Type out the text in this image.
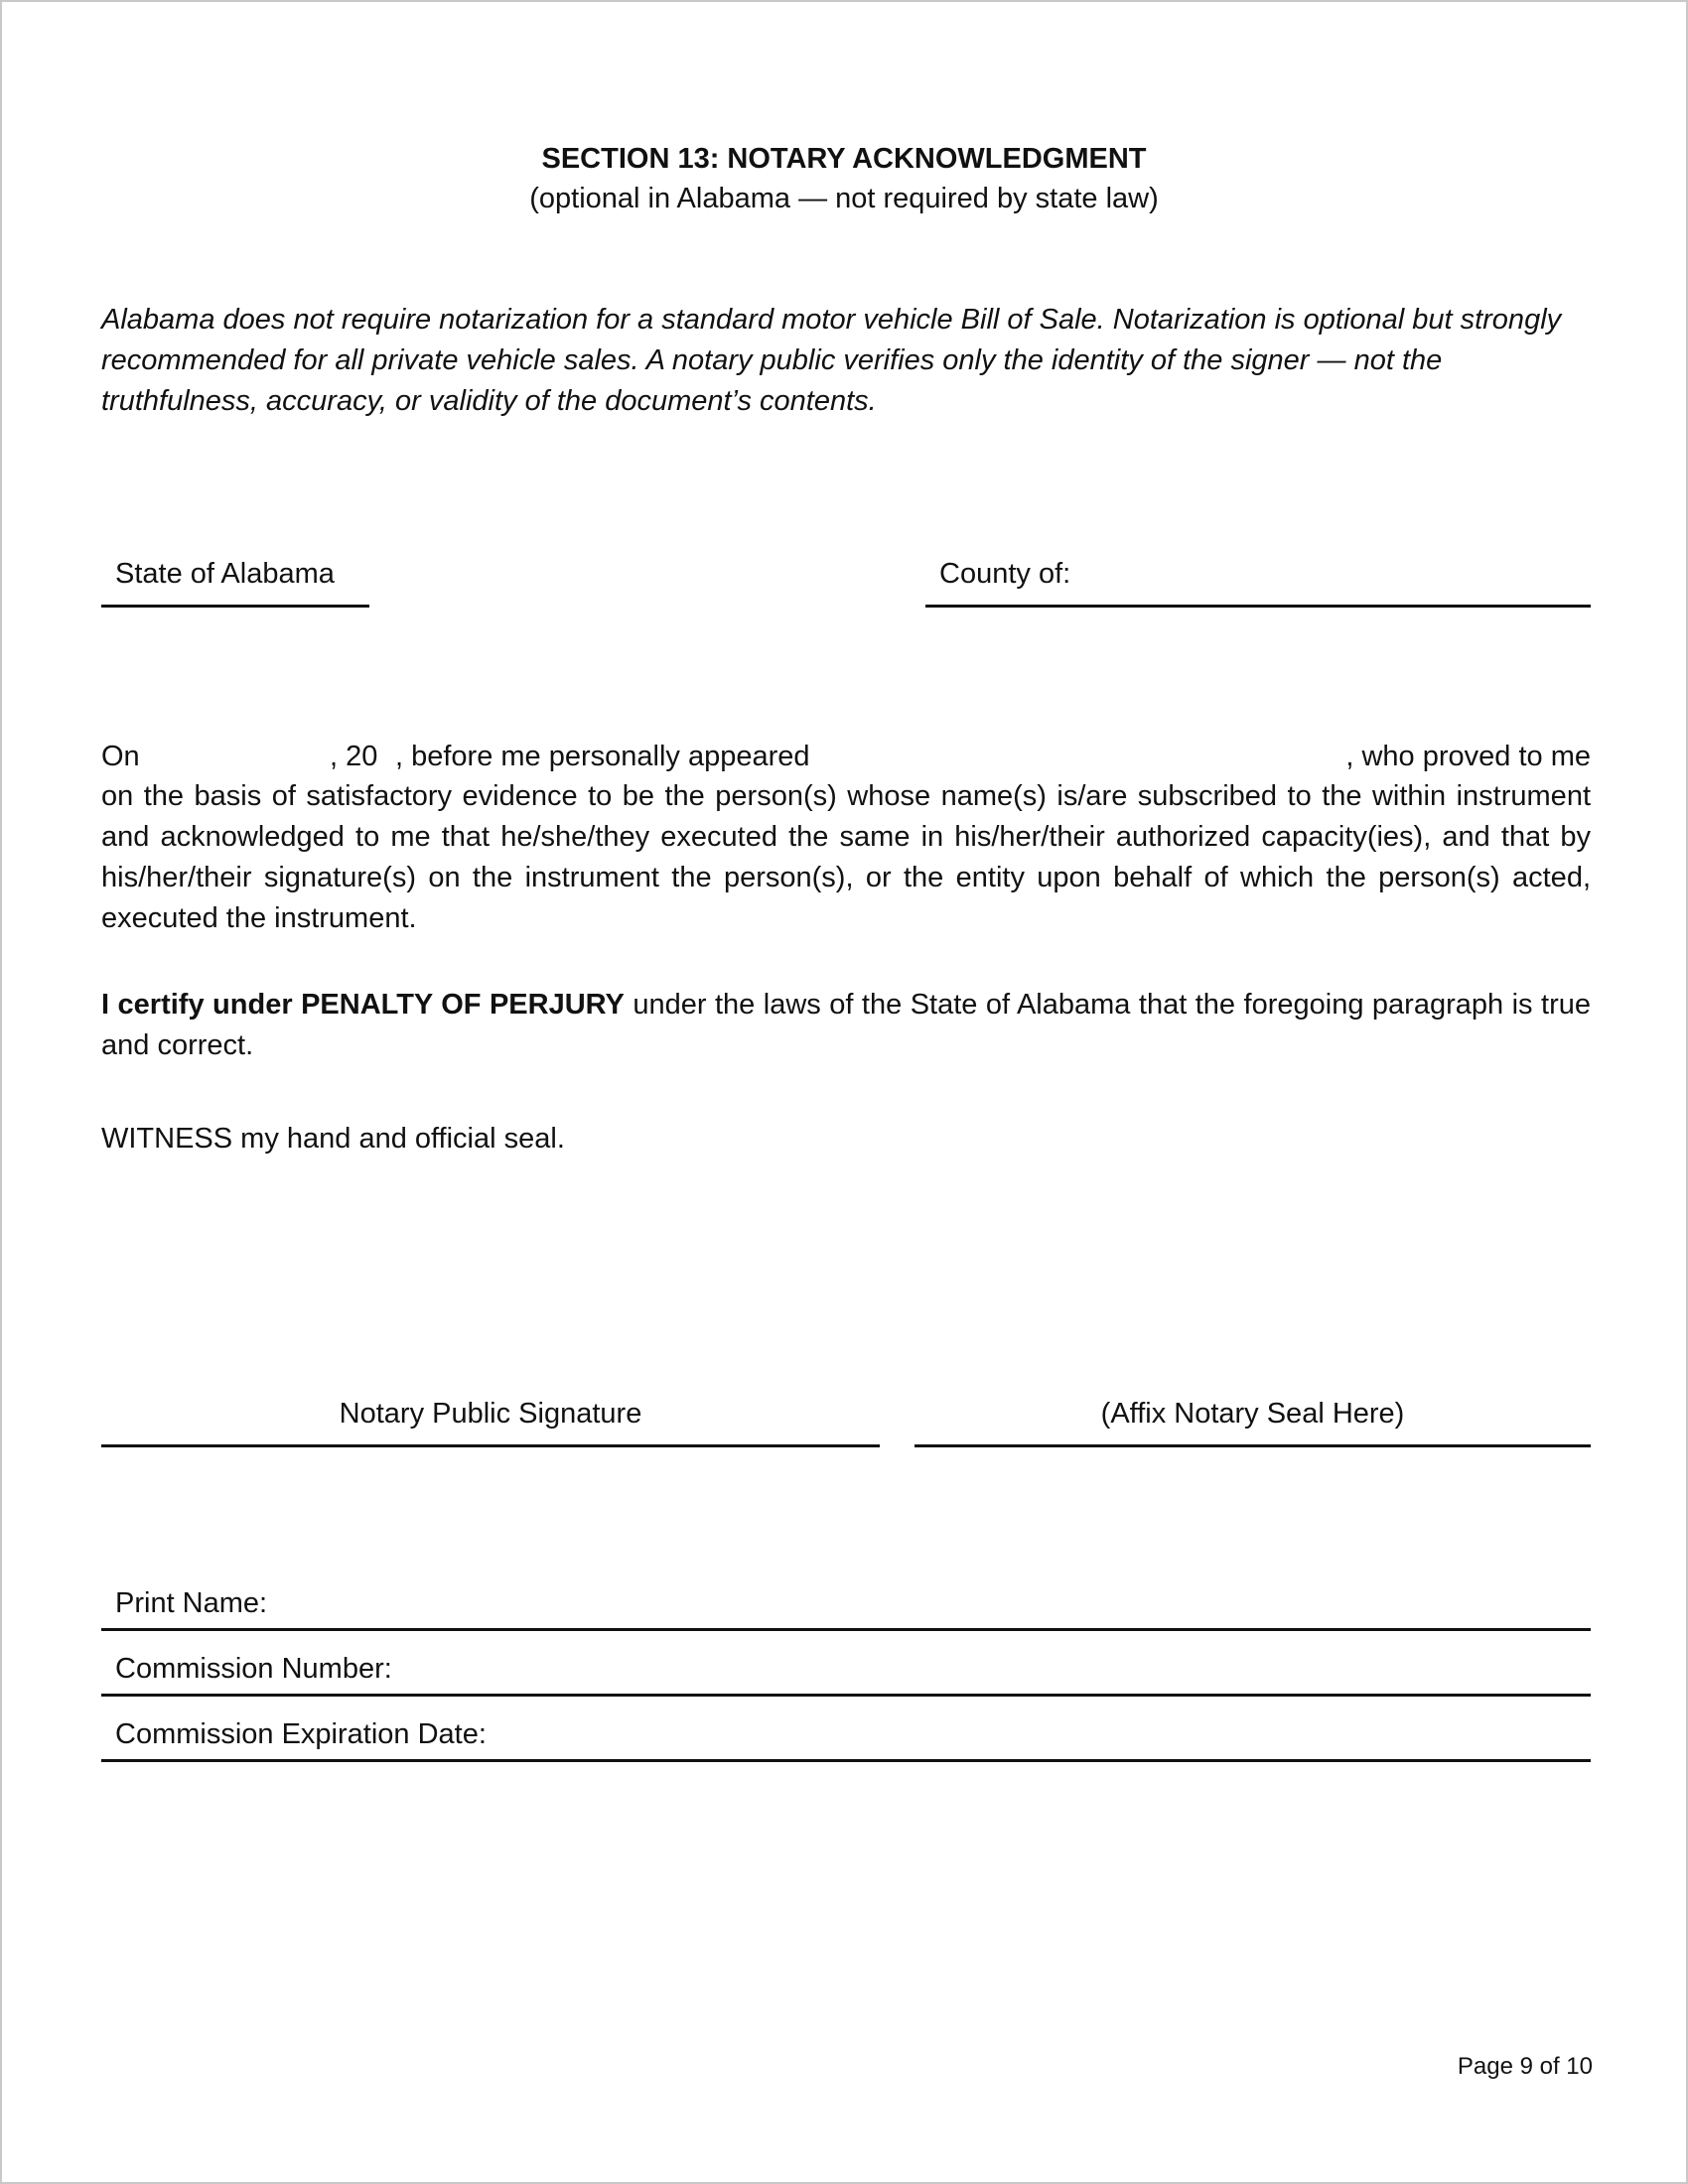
SECTION 13: NOTARY ACKNOWLEDGMENT
(optional in Alabama — not required by state law)
Alabama does not require notarization for a standard motor vehicle Bill of Sale. Notarization is optional but strongly recommended for all private vehicle sales. A notary public verifies only the identity of the signer — not the truthfulness, accuracy, or validity of the document’s contents.
State of Alabama	County of:
On	, 20 , before me personally appeared	, who proved to me
on the basis of satisfactory evidence to be the person(s) whose name(s) is/are subscribed to the within instrument and acknowledged to me that he/she/they executed the same in his/her/their authorized capacity(ies), and that by his/her/their signature(s) on the instrument the person(s), or the entity upon behalf of which the person(s) acted, executed the instrument.
I certify under PENALTY OF PERJURY under the laws of the State of Alabama that the foregoing paragraph is true and correct.
WITNESS my hand and official seal.
Notary Public Signature	(Affix Notary Seal Here)
Print Name:
Commission Number:
Commission Expiration Date:
Page 9 of 10
